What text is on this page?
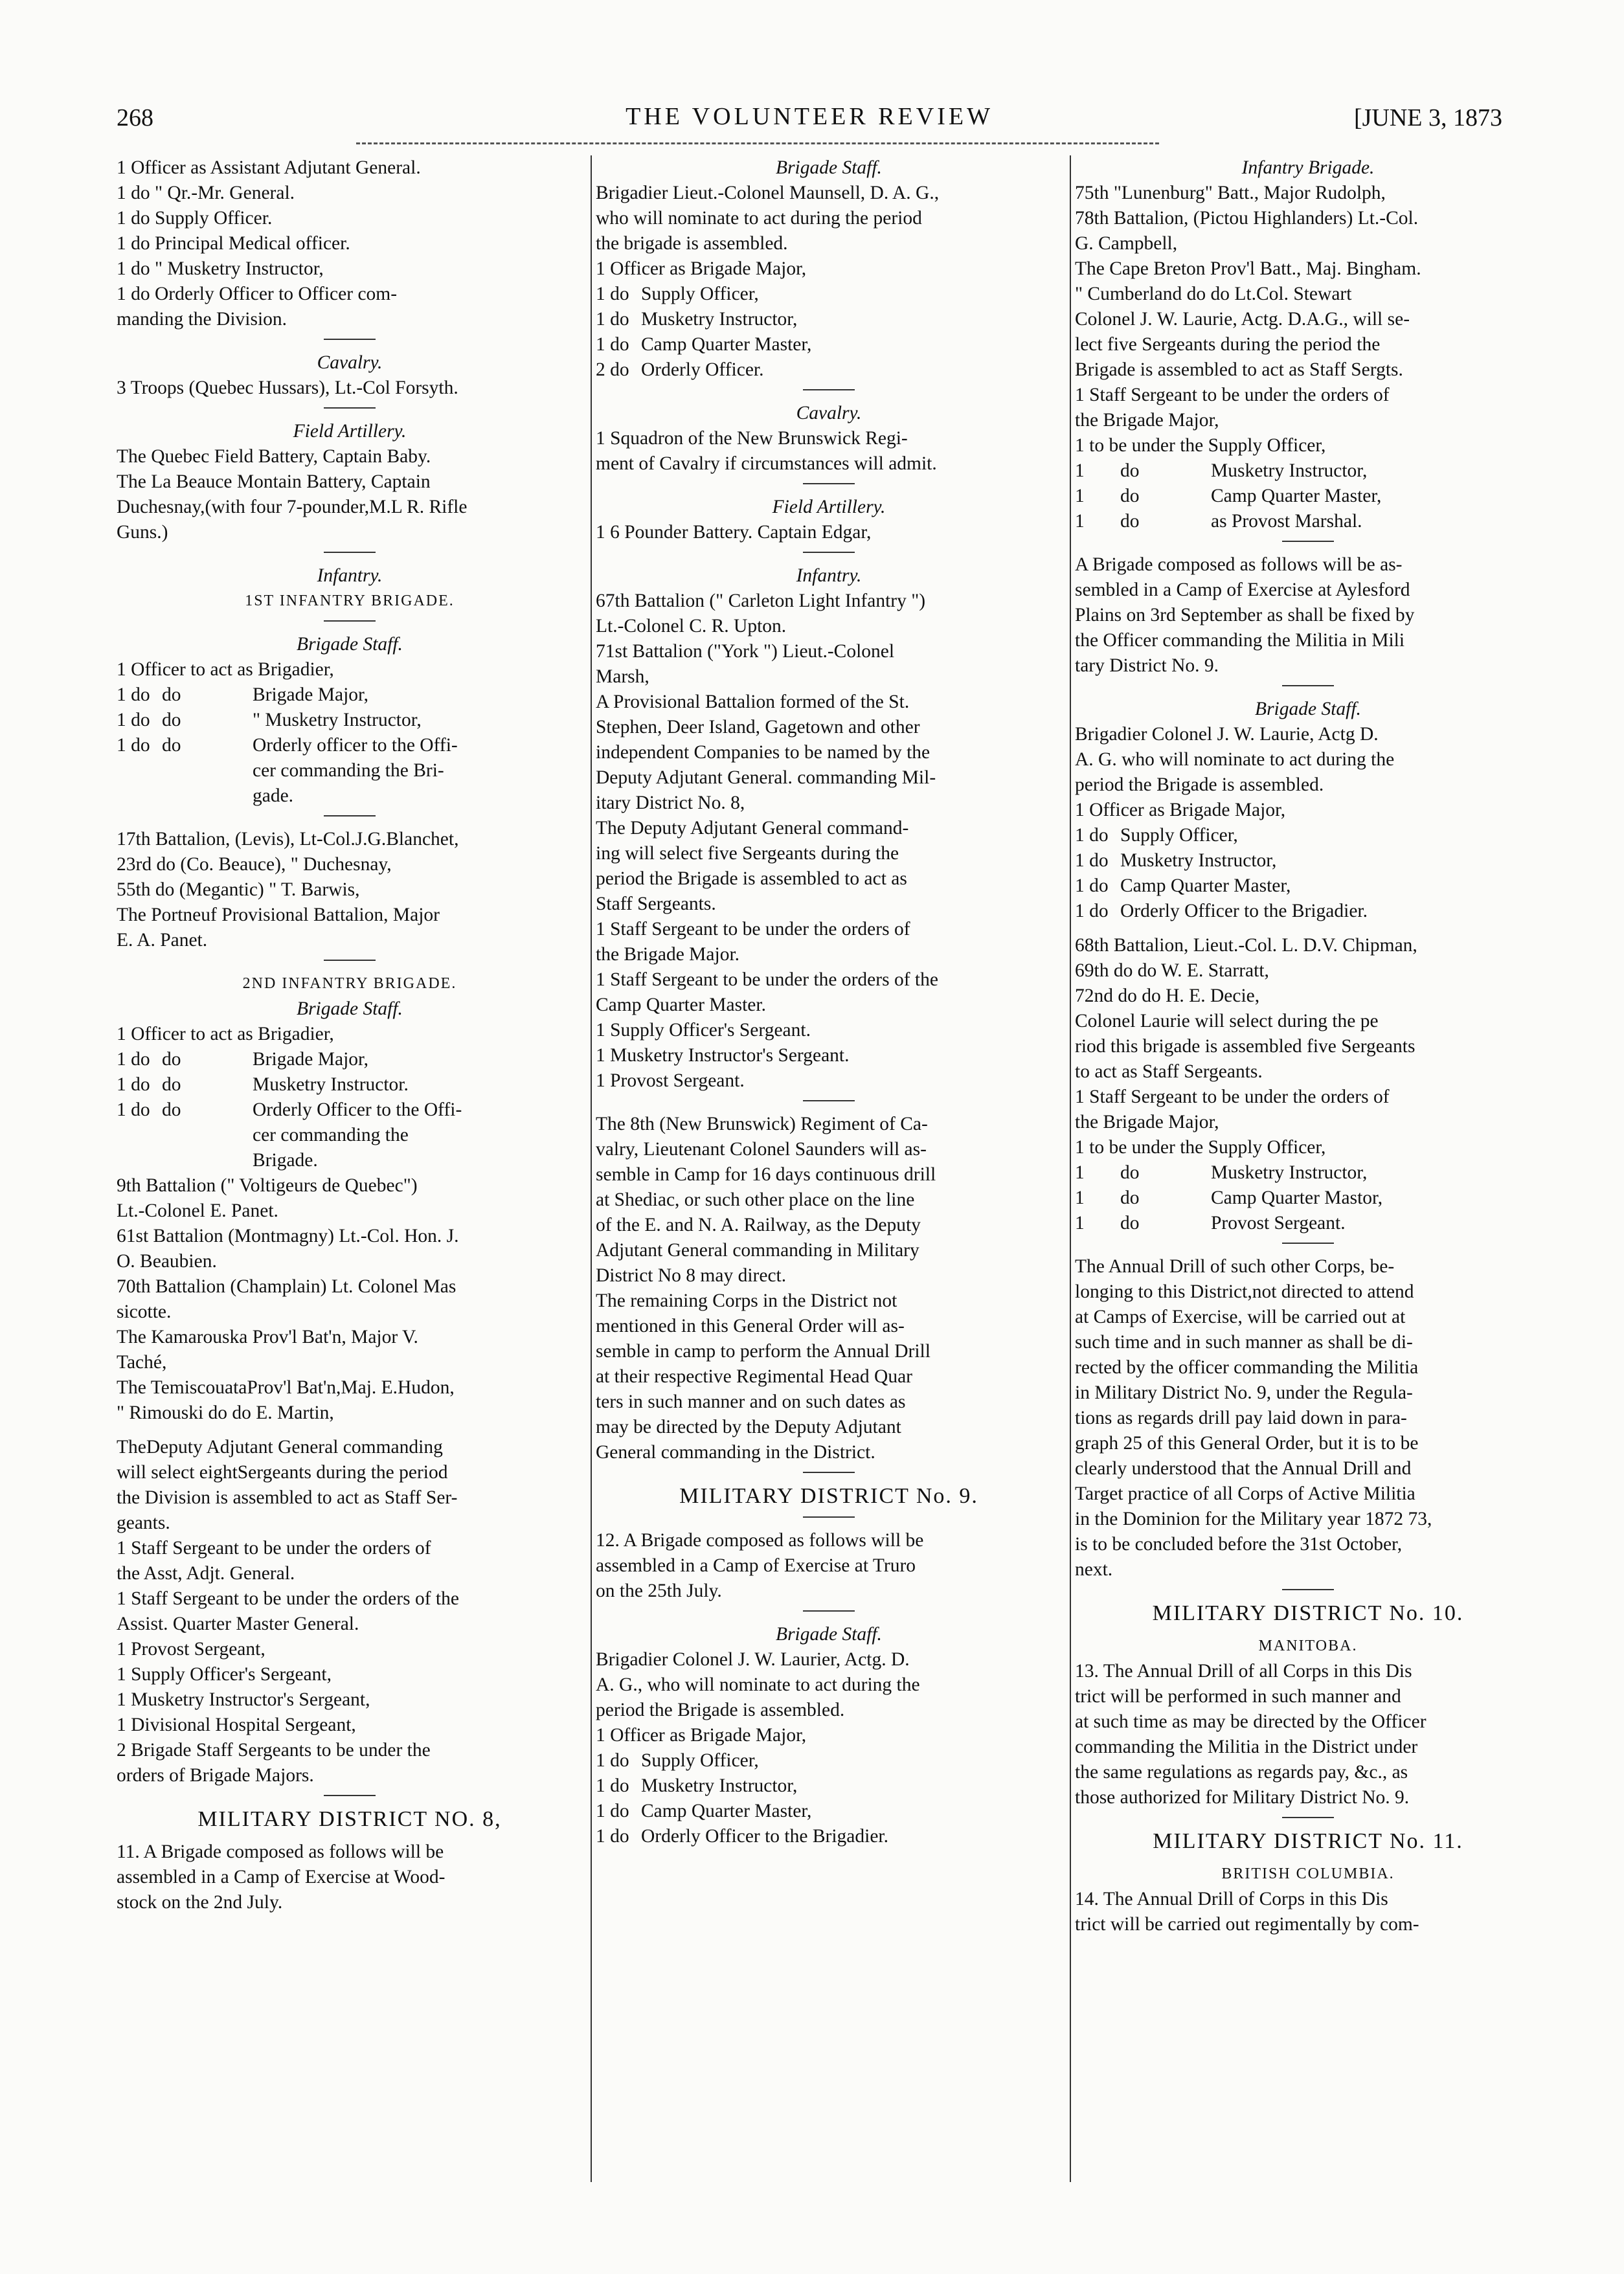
268	THE VOLUNTEER REVIEW	[JUNE 3, 1873

1 Officer as Assistant Adjutant General.

1 do " Qr.-Mr. General.

1 do Supply Officer.

1 do Principal Medical officer.

1 do " Musketry Instructor,

1 do Orderly Officer to Officer com-

manding the Division.

Cavalry.

3 Troops (Quebec Hussars), Lt.-Col Forsyth.

Field Artillery.

The Quebec Field Battery, Captain Baby.

The La Beauce Montain Battery, Captain

Duchesnay,(with four 7-pounder,M.L R. Rifle

Guns.)

Infantry.

1ST INFANTRY BRIGADE.

Brigade Staff.

1 Officer to act as Brigadier,
1 do do	Brigade Major,
1 do do	" Musketry Instructor,
1 do do	Orderly officer to the Offi-
cer commanding the Bri-
gade.

17th Battalion, (Levis), Lt-Col.J.G.Blanchet,

23rd do (Co. Beauce), " Duchesnay,

55th do (Megantic) " T. Barwis,

The Portneuf Provisional Battalion, Major

E. A. Panet.

2ND INFANTRY BRIGADE.

Brigade Staff.

1 Officer to act as Brigadier,
1 do do	Brigade Major,
1 do do	Musketry Instructor.
1 do do	Orderly Officer to the Offi-
cer commanding the
Brigade.

9th Battalion (" Voltigeurs de Quebec")

Lt.-Colonel E. Panet.

61st Battalion (Montmagny) Lt.-Col. Hon. J.

O. Beaubien.

70th Battalion (Champlain) Lt. Colonel Mas

sicotte.

The Kamarouska Prov'l Bat'n, Major V.

Taché,

The TemiscouataProv'l Bat'n,Maj. E.Hudon,

" Rimouski do do E. Martin,

TheDeputy Adjutant General commanding

will select eightSergeants during the period

the Division is assembled to act as Staff Ser-

geants.

1 Staff Sergeant to be under the orders of

the Asst, Adjt. General.

1 Staff Sergeant to be under the orders of the

Assist. Quarter Master General.

1 Provost Sergeant,

1 Supply Officer's Sergeant,

1 Musketry Instructor's Sergeant,

1 Divisional Hospital Sergeant,

2 Brigade Staff Sergeants to be under the

orders of Brigade Majors.

MILITARY DISTRICT NO. 8,

11. A Brigade composed as follows will be

assembled in a Camp of Exercise at Wood-

stock on the 2nd July.

Brigade Staff.

Brigadier Lieut.-Colonel Maunsell, D. A. G.,

who will nominate to act during the period

the brigade is assembled.

1 Officer as Brigade Major,
1 do Supply Officer,
1 do Musketry Instructor,
1 do Camp Quarter Master,
2 do Orderly Officer.

Cavalry.

1 Squadron of the New Brunswick Regi-

ment of Cavalry if circumstances will admit.

Field Artillery.

1 6 Pounder Battery. Captain Edgar,

Infantry.

67th Battalion (" Carleton Light Infantry ")

Lt.-Colonel C. R. Upton.

71st Battalion ("York ") Lieut.-Colonel

Marsh,

A Provisional Battalion formed of the St.

Stephen, Deer Island, Gagetown and other

independent Companies to be named by the

Deputy Adjutant General. commanding Mil-

itary District No. 8,

The Deputy Adjutant General command-

ing will select five Sergeants during the

period the Brigade is assembled to act as

Staff Sergeants.

1 Staff Sergeant to be under the orders of

the Brigade Major.

1 Staff Sergeant to be under the orders of the

Camp Quarter Master.

1 Supply Officer's Sergeant.

1 Musketry Instructor's Sergeant.

1 Provost Sergeant.

The 8th (New Brunswick) Regiment of Ca-

valry, Lieutenant Colonel Saunders will as-

semble in Camp for 16 days continuous drill

at Shediac, or such other place on the line

of the E. and N. A. Railway, as the Deputy

Adjutant General commanding in Military

District No 8 may direct.

The remaining Corps in the District not

mentioned in this General Order will as-

semble in camp to perform the Annual Drill

at their respective Regimental Head Quar

ters in such manner and on such dates as

may be directed by the Deputy Adjutant

General commanding in the District.

MILITARY DISTRICT No. 9.

12. A Brigade composed as follows will be

assembled in a Camp of Exercise at Truro

on the 25th July.

Brigade Staff.

Brigadier Colonel J. W. Laurier, Actg. D.

A. G., who will nominate to act during the

period the Brigade is assembled.

1 Officer as Brigade Major,
1 do Supply Officer,
1 do Musketry Instructor,
1 do Camp Quarter Master,
1 do Orderly Officer to the Brigadier.

Infantry Brigade.

75th "Lunenburg" Batt., Major Rudolph,

78th Battalion, (Pictou Highlanders) Lt.-Col.

G. Campbell,

The Cape Breton Prov'l Batt., Maj. Bingham.

" Cumberland do do Lt.Col. Stewart

Colonel J. W. Laurie, Actg. D.A.G., will se-

lect five Sergeants during the period the

Brigade is assembled to act as Staff Sergts.

1 Staff Sergeant to be under the orders of

the Brigade Major,

1 to be under the Supply Officer,

1	do	Musketry Instructor,
1	do	Camp Quarter Master,
1	do	as Provost Marshal.

A Brigade composed as follows will be as-

sembled in a Camp of Exercise at Aylesford

Plains on 3rd September as shall be fixed by

the Officer commanding the Militia in Mili

tary District No. 9.

Brigade Staff.

Brigadier Colonel J. W. Laurie, Actg D.

A. G. who will nominate to act during the

period the Brigade is assembled.

1 Officer as Brigade Major,
1 do Supply Officer,
1 do Musketry Instructor,
1 do Camp Quarter Master,
1 do Orderly Officer to the Brigadier.

68th Battalion, Lieut.-Col. L. D.V. Chipman,

69th do do W. E. Starratt,

72nd do do H. E. Decie,

Colonel Laurie will select during the pe

riod this brigade is assembled five Sergeants

to act as Staff Sergeants.

1 Staff Sergeant to be under the orders of

the Brigade Major,

1 to be under the Supply Officer,

1	do	Musketry Instructor,
1	do	Camp Quarter Mastor,
1	do	Provost Sergeant.

The Annual Drill of such other Corps, be-

longing to this District,not directed to attend

at Camps of Exercise, will be carried out at

such time and in such manner as shall be di-

rected by the officer commanding the Militia

in Military District No. 9, under the Regula-

tions as regards drill pay laid down in para-

graph 25 of this General Order, but it is to be

clearly understood that the Annual Drill and

Target practice of all Corps of Active Militia

in the Dominion for the Military year 1872 73,

is to be concluded before the 31st October,

next.

MILITARY DISTRICT No. 10.

MANITOBA.

13. The Annual Drill of all Corps in this Dis

trict will be performed in such manner and

at such time as may be directed by the Officer

commanding the Militia in the District under

the same regulations as regards pay, &c., as

those authorized for Military District No. 9.

MILITARY DISTRICT No. 11.

BRITISH COLUMBIA.

14. The Annual Drill of Corps in this Dis

trict will be carried out regimentally by com-
